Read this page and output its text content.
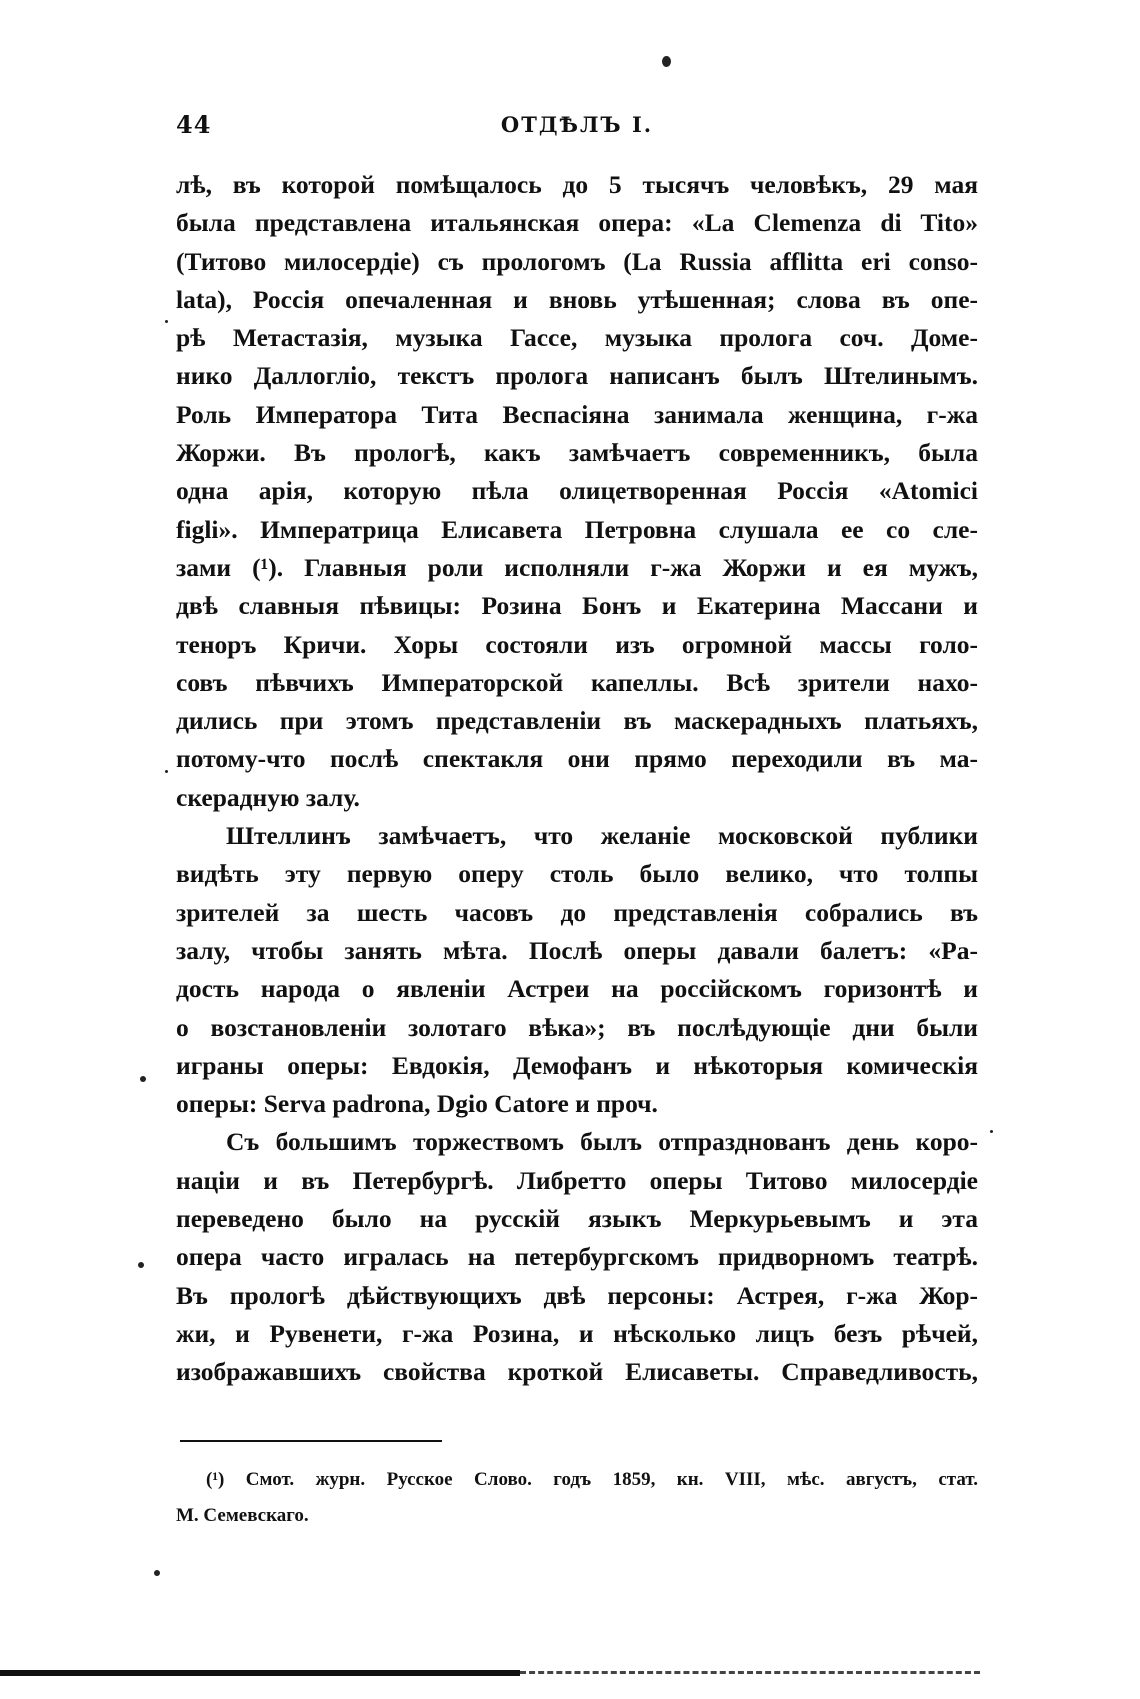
44	ОТДѢЛЪ I.
лѣ, въ которой помѣщалось до 5 тысячъ человѣкъ, 29 мая
была представлена итальянская опера: «La Clemenza di Tito»
(Титово милосердіе) съ прологомъ (La Russia afflitta eri conso-
lata), Россія опечаленная и вновь утѣшенная; слова въ опе-
рѣ Метастазія, музыка Гассе, музыка пролога соч. Доме-
нико Даллогліо, текстъ пролога написанъ былъ Штелинымъ.
Роль Императора Тита Веспасіяна занимала женщина, г-жа
Жоржи. Въ прологѣ, какъ замѣчаетъ современникъ, была
одна арія, которую пѣла олицетворенная Россія «Atomici
figli». Императрица Елисавета Петровна слушала ее со сле-
зами (¹). Главныя роли исполняли г-жа Жоржи и ея мужъ,
двѣ славныя пѣвицы: Розина Бонъ и Екатерина Массани и
теноръ Кричи. Хоры состояли изъ огромной массы голо-
совъ пѣвчихъ Императорской капеллы. Всѣ зрители нахо-
дились при этомъ представленіи въ маскерадныхъ платьяхъ,
потому-что послѣ спектакля они прямо переходили въ ма-
скерадную залу.
Штеллинъ замѣчаетъ, что желаніе московской публики
видѣть эту первую оперу столь было велико, что толпы
зрителей за шесть часовъ до представленія собрались въ
залу, чтобы занять мѣта. Послѣ оперы давали балетъ: «Ра-
дость народа о явленіи Астреи на россійскомъ горизонтѣ и
о возстановленіи золотаго вѣка»; въ послѣдующіе дни были
играны оперы: Евдокія, Демофанъ и нѣкоторыя комическія
оперы: Serva padrona, Dgio Catore и проч.
Съ большимъ торжествомъ былъ отпразднованъ день коро-
націи и въ Петербургѣ. Либретто оперы Титово милосердіе
переведено было на русскій языкъ Меркурьевымъ и эта
опера часто игралась на петербургскомъ придворномъ театрѣ.
Въ прологѣ дѣйствующихъ двѣ персоны: Астрея, г-жа Жор-
жи, и Рувенети, г-жа Розина, и нѣсколько лицъ безъ рѣчей,
изображавшихъ свойства кроткой Елисаветы. Справедливость,
(¹) Смот. журн. Русское Слово. годъ 1859, кн. VIII, мѣс. августъ, стат.
М. Семевскаго.
